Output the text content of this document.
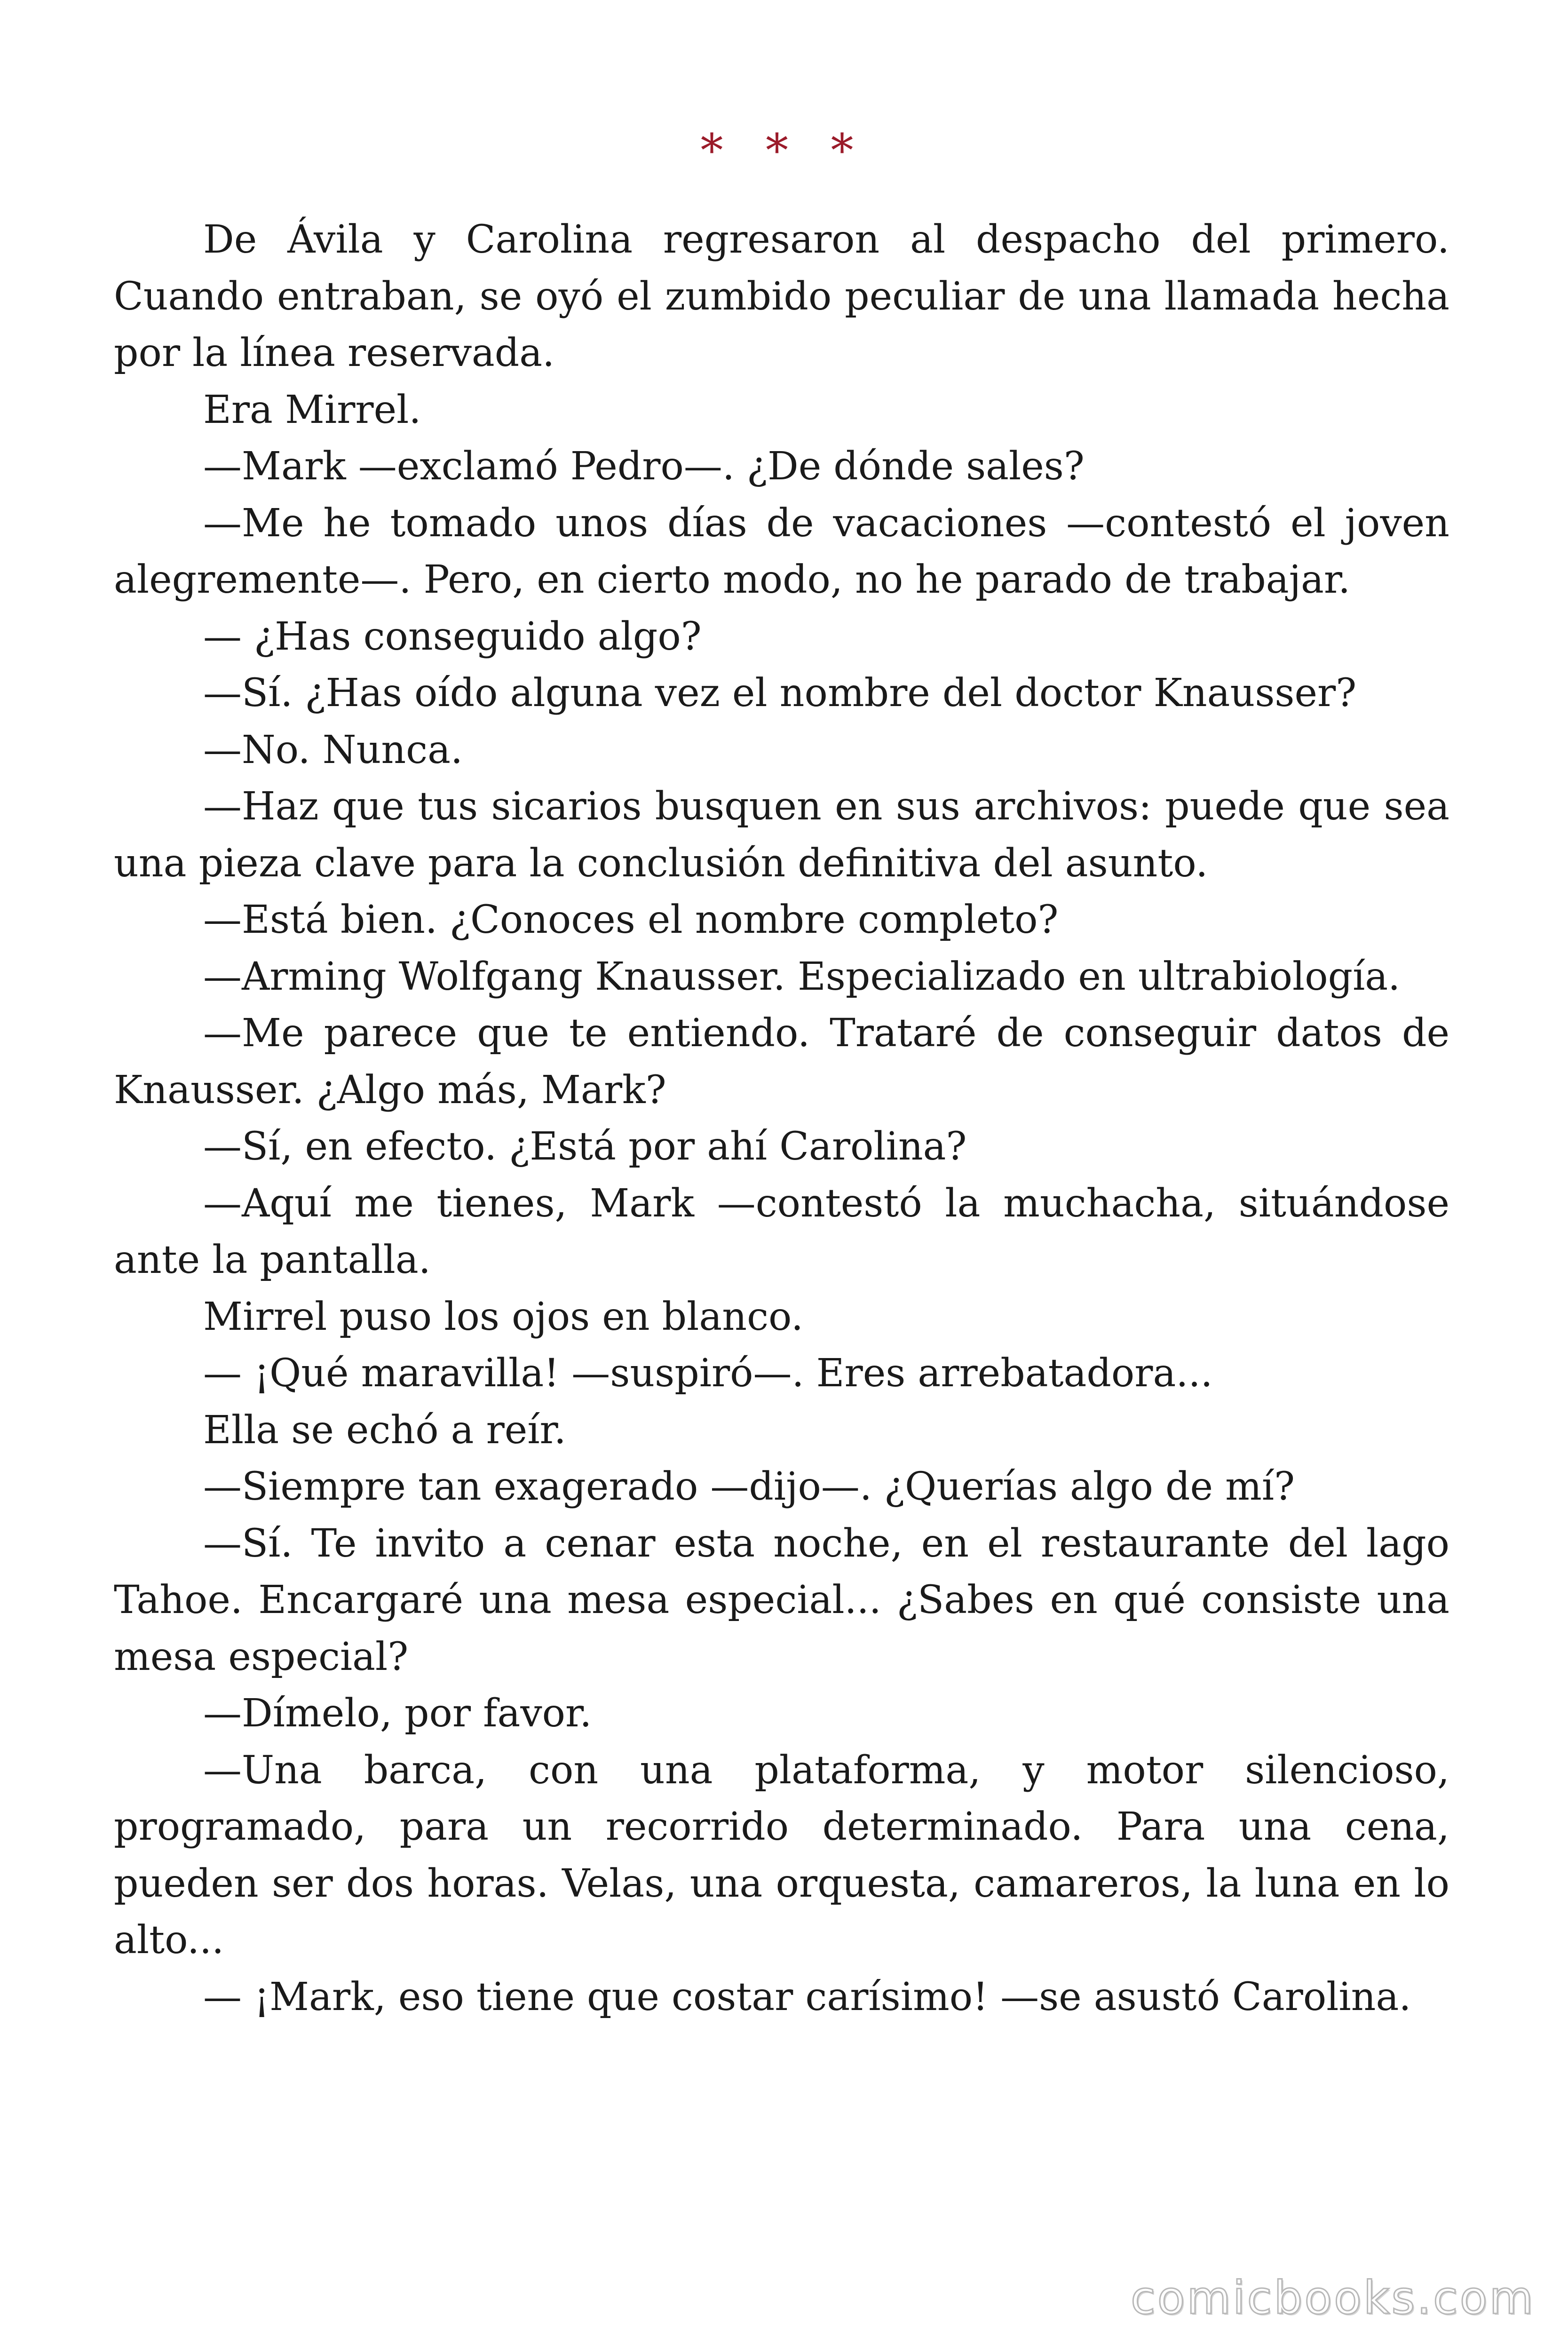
* * *

De Ávila y Carolina regresaron al despacho del primero. Cuando entraban, se oyó el zumbido peculiar de una llamada hecha por la línea reservada.

Era Mirrel.

—Mark —exclamó Pedro—. ¿De dónde sales?

—Me he tomado unos días de vacaciones —contestó el joven alegremente—. Pero, en cierto modo, no he parado de trabajar.

— ¿Has conseguido algo?

—Sí. ¿Has oído alguna vez el nombre del doctor Knausser?

—No. Nunca.

—Haz que tus sicarios busquen en sus archivos: puede que sea una pieza clave para la conclusión definitiva del asunto.

—Está bien. ¿Conoces el nombre completo?

—Arming Wolfgang Knausser. Especializado en ultrabiología.

—Me parece que te entiendo. Trataré de conseguir datos de Knausser. ¿Algo más, Mark?

—Sí, en efecto. ¿Está por ahí Carolina?

—Aquí me tienes, Mark —contestó la muchacha, situándose ante la pantalla.

Mirrel puso los ojos en blanco.

— ¡Qué maravilla! —suspiró—. Eres arrebatadora...

Ella se echó a reír.

—Siempre tan exagerado —dijo—. ¿Querías algo de mí?

—Sí. Te invito a cenar esta noche, en el restaurante del lago Tahoe. Encargaré una mesa especial... ¿Sabes en qué consiste una mesa especial?

—Dímelo, por favor.

—Una barca, con una plataforma, y motor silencioso, programado, para un recorrido determinado. Para una cena, pueden ser dos horas. Velas, una orquesta, camareros, la luna en lo alto...

— ¡Mark, eso tiene que costar carísimo! —se asustó Carolina.

comicbooks.com
